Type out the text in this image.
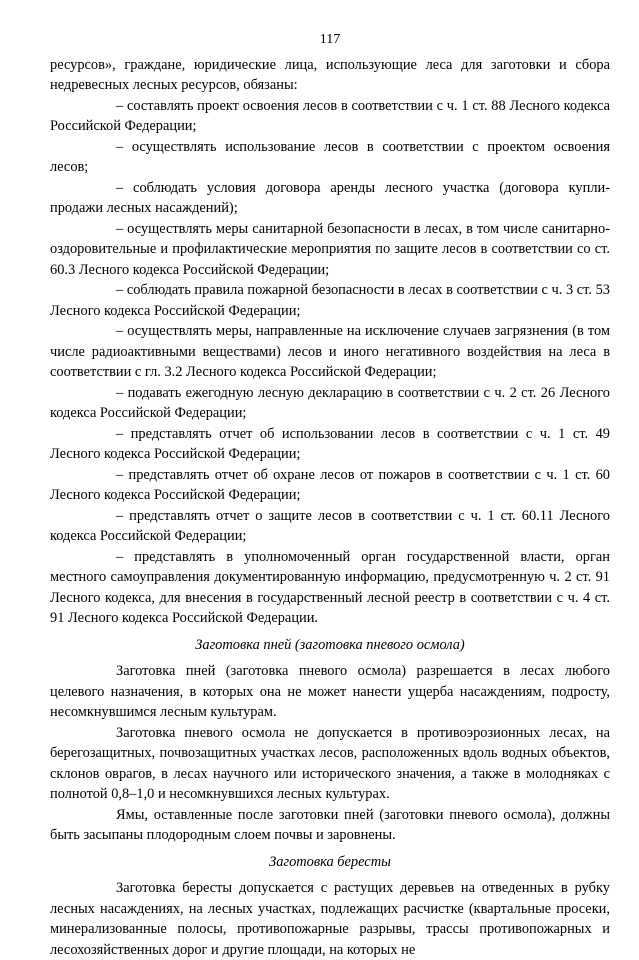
117

ресурсов», граждане, юридические лица, использующие леса для заготовки и сбора недревесных лесных ресурсов, обязаны:

– составлять проект освоения лесов в соответствии с ч. 1 ст. 88 Лесного кодекса Российской Федерации;

– осуществлять использование лесов в соответствии с проектом освоения лесов;

– соблюдать условия договора аренды лесного участка (договора купли-продажи лесных насаждений);

– осуществлять меры санитарной безопасности в лесах, в том числе санитарно-оздоровительные и профилактические мероприятия по защите лесов в соответствии со ст. 60.3 Лесного кодекса Российской Федерации;

– соблюдать правила пожарной безопасности в лесах в соответствии с ч. 3 ст. 53 Лесного кодекса Российской Федерации;

– осуществлять меры, направленные на исключение случаев загрязнения (в том числе радиоактивными веществами) лесов и иного негативного воздействия на леса в соответствии с гл. 3.2 Лесного кодекса Российской Федерации;

– подавать ежегодную лесную декларацию в соответствии с ч. 2 ст. 26 Лесного кодекса Российской Федерации;

– представлять отчет об использовании лесов в соответствии с ч. 1 ст. 49 Лесного кодекса Российской Федерации;

– представлять отчет об охране лесов от пожаров в соответствии с ч. 1 ст. 60 Лесного кодекса Российской Федерации;

– представлять отчет о защите лесов в соответствии с ч. 1 ст. 60.11 Лесного кодекса Российской Федерации;

– представлять в уполномоченный орган государственной власти, орган местного самоуправления документированную информацию, предусмотренную ч. 2 ст. 91 Лесного кодекса, для внесения в государственный лесной реестр в соответствии с ч. 4 ст. 91 Лесного кодекса Российской Федерации.

Заготовка пней (заготовка пневого осмола)

Заготовка пней (заготовка пневого осмола) разрешается в лесах любого целевого назначения, в которых она не может нанести ущерба насаждениям, подросту, несомкнувшимся лесным культурам.

Заготовка пневого осмола не допускается в противоэрозионных лесах, на берегозащитных, почвозащитных участках лесов, расположенных вдоль водных объектов, склонов оврагов, в лесах научного или исторического значения, а также в молодняках с полнотой 0,8–1,0 и несомкнувшихся лесных культурах.

Ямы, оставленные после заготовки пней (заготовки пневого осмола), должны быть засыпаны плодородным слоем почвы и заровнены.

Заготовка бересты

Заготовка бересты допускается с растущих деревьев на отведенных в рубку лесных насаждениях, на лесных участках, подлежащих расчистке (квартальные просеки, минерализованные полосы, противопожарные разрывы, трассы противопожарных и лесохозяйственных дорог и другие площади, на которых не
